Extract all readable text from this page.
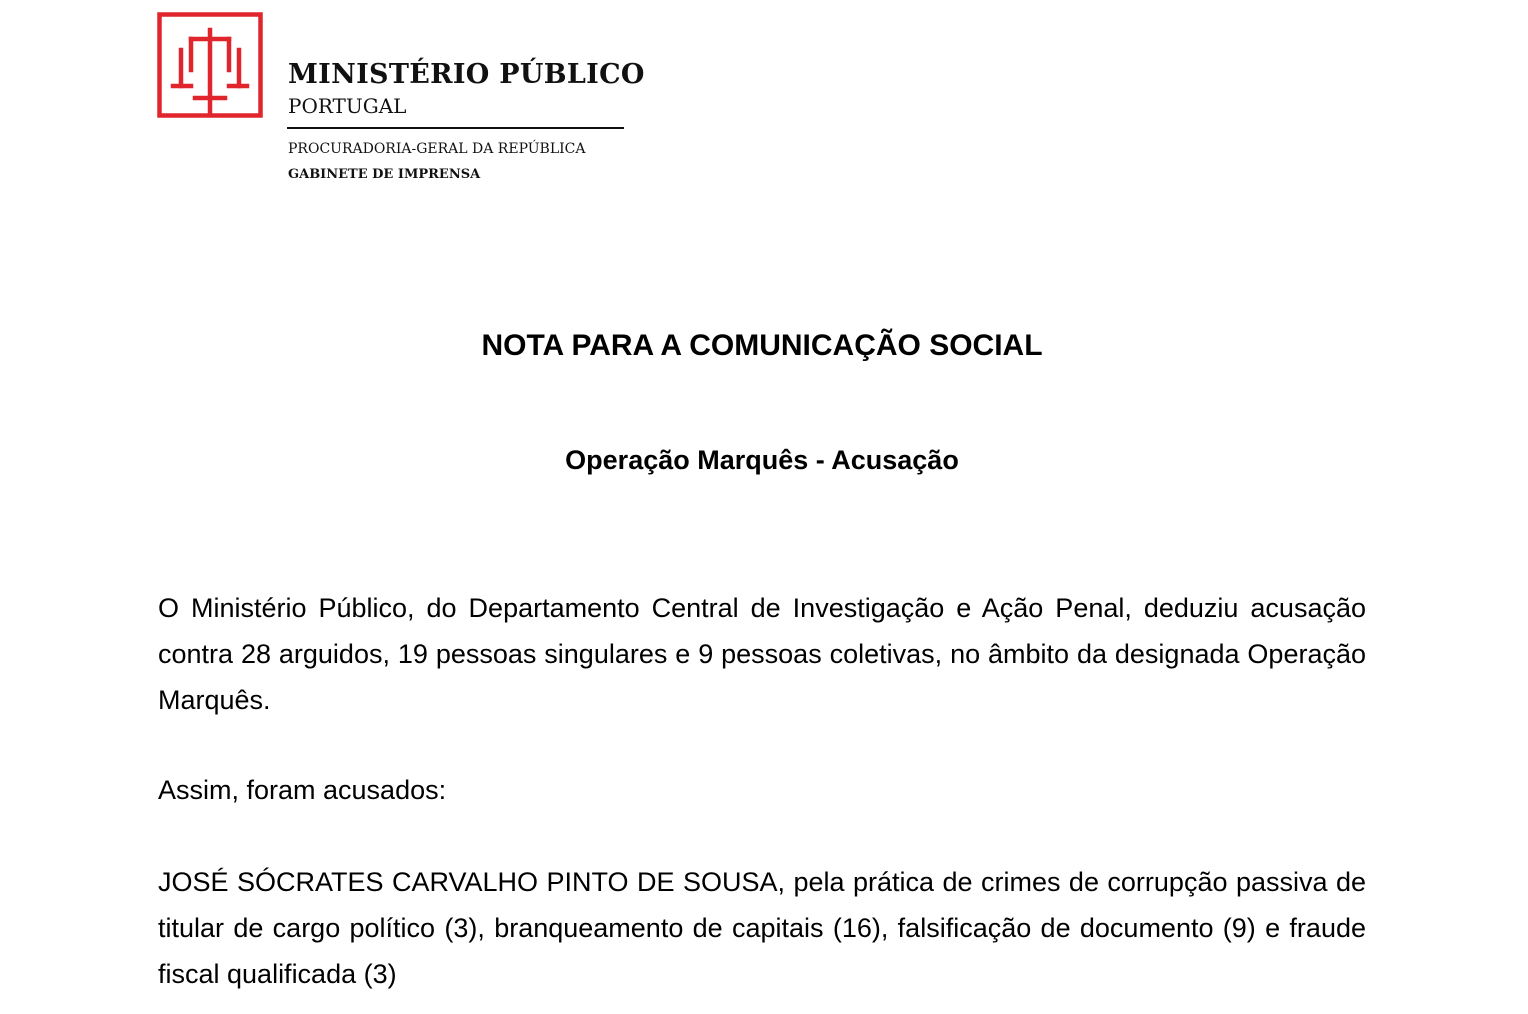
MINISTÉRIO PÚBLICO
PORTUGAL
PROCURADORIA-GERAL DA REPÚBLICA
GABINETE DE IMPRENSA
NOTA PARA A COMUNICAÇÃO SOCIAL
Operação Marquês - Acusação

O Ministério Público, do Departamento Central de Investigação e Ação Penal, deduziu acusação contra 28 arguidos, 19 pessoas singulares e 9 pessoas coletivas, no âmbito da designada Operação Marquês.

Assim, foram acusados:

JOSÉ SÓCRATES CARVALHO PINTO DE SOUSA, pela prática de crimes de corrupção passiva de titular de cargo político (3), branqueamento de capitais (16), falsificação de documento (9) e fraude fiscal qualificada (3)
